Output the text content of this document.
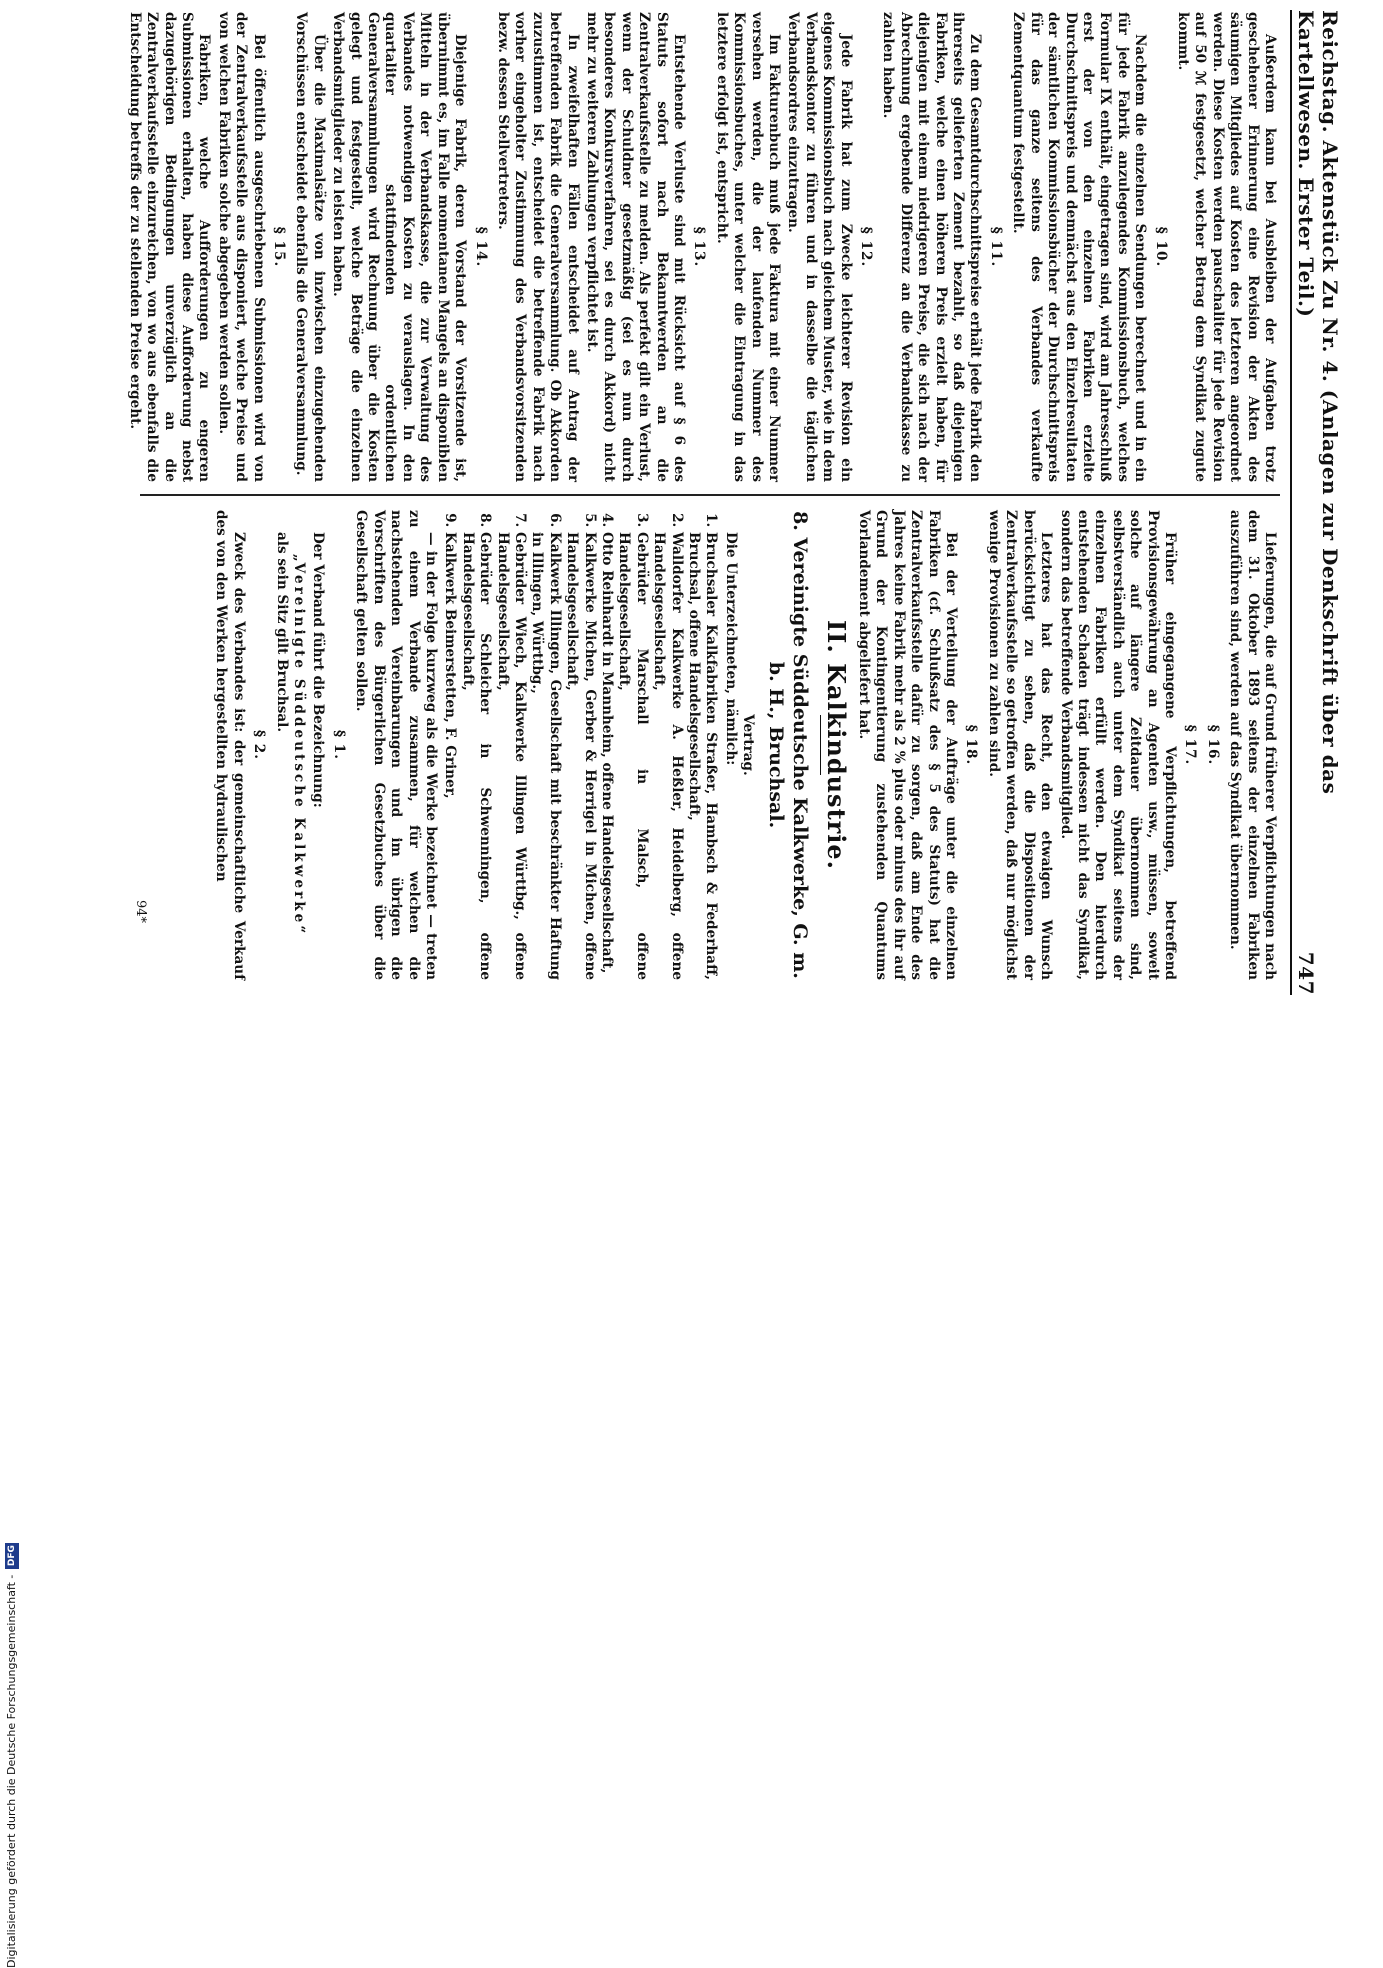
Reichstag. Aktenstück Zu Nr. 4. (Anlagen zur Denkschrift über das Kartellwesen. Erster Teil.)
747

Außerdem kann bei Ausbleiben der Aufgaben trotz geschehener Erinnerung eine Revision der Akten des säumigen Mitgliedes auf Kosten des letzteren angeordnet werden. Diese Kosten werden pauschaliter für jede Revision auf 50 ℳ festgesetzt, welcher Betrag dem Syndikat zugute kommt.

§ 10.

Nachdem die einzelnen Sendungen berechnet und in ein für jede Fabrik anzulegendes Kommissionsbuch, welches Formular IX enthält, eingetragen sind, wird am Jahresschluß erst der von den einzelnen Fabriken erzielte Durchschnittspreis und demnächst aus den Einzelresultaten der sämtlichen Kommissionsbücher der Durchschnittspreis für das ganze seitens des Verbandes verkaufte Zementquantum festgestellt.

§ 11.

Zu dem Gesamtdurchschnittspreise erhält jede Fabrik den ihrerseits gelieferten Zement bezahlt, so daß diejenigen Fabriken, welche einen höheren Preis erzielt haben, für diejenigen mit einem niedrigeren Preise, die sich nach der Abrechnung ergebende Differenz an die Verbandskasse zu zahlen haben.

§ 12.

Jede Fabrik hat zum Zwecke leichterer Revision ein eigenes Kommissionsbuch nach gleichem Muster, wie in dem Verbandskontor zu führen und in dasselbe die täglichen Verbandsordres einzutragen.

Im Fakturenbuch muß jede Faktura mit einer Nummer versehen werden, die der laufenden Nummer des Kommissionsbuches, unter welcher die Eintragung in das letztere erfolgt ist, entspricht.

§ 13.

Entstehende Verluste sind mit Rücksicht auf § 6 des Statuts sofort nach Bekanntwerden an die Zentralverkaufsstelle zu melden. Als perfekt gilt ein Verlust, wenn der Schuldner gesetzmäßig (sei es nun durch besonderes Konkursverfahren, sei es durch Akkord) nicht mehr zu weiteren Zahlungen verpflichtet ist.

In zweifelhaften Fällen entscheidet auf Antrag der betreffenden Fabrik die Generalversammlung. Ob Akkorden zuzustimmen ist, entscheidet die betreffende Fabrik nach vorher eingeholter Zustimmung des Verbandsvorsitzenden bezw. dessen Stellvertreters.

§ 14.

Diejenige Fabrik, deren Vorstand der Vorsitzende ist, übernimmt es, im Falle momentanen Mangels an disponiblen Mitteln in der Verbandskasse, die zur Verwaltung des Verbandes notwendigen Kosten zu verauslagen. In den quartaliter stattfindenden ordentlichen Generalversammlungen wird Rechnung über die Kosten gelegt und festgestellt, welche Beträge die einzelnen Verbandsmitglieder zu leisten haben.

Über die Maximalsätze von inzwischen einzugehenden Vorschüssen entscheidet ebenfalls die Generalversammlung.

§ 15.

Bei öffentlich ausgeschriebenen Submissionen wird von der Zentralverkaufsstelle aus disponiert, welche Preise und von welchen Fabriken solche abgegeben werden sollen.

Fabriken, welche Aufforderungen zu engeren Submissionen erhalten, haben diese Aufforderung nebst dazugehörigen Bedingungen unverzüglich an die Zentralverkaufsstelle einzureichen, von wo aus ebenfalls die Entscheidung betreffs der zu stellenden Preise ergeht.

Lieferungen, die auf Grund früherer Verpflichtungen nach dem 31. Oktober 1893 seitens der einzelnen Fabriken auszuführen sind, werden auf das Syndikat übernommen.

§ 16.
§ 17.

Früher eingegangene Verpflichtungen, betreffend Provisionsgewährung an Agenten usw., müssen, soweit solche auf längere Zeitdauer übernommen sind, selbstverständlich auch unter dem Syndikat seitens der einzelnen Fabriken erfüllt werden. Den hierdurch entstehenden Schaden trägt indessen nicht das Syndikat, sondern das betreffende Verbandsmitglied.

Letzteres hat das Recht, den etwaigen Wunsch berücksichtigt zu sehen, daß die Dispositionen der Zentralverkaufsstelle so getroffen werden, daß nur möglichst wenige Provisionen zu zahlen sind.

§ 18.

Bei der Verteilung der Aufträge unter die einzelnen Fabriken (cf. Schlußsatz des § 5 des Statuts) hat die Zentralverkaufsstelle dafür zu sorgen, daß am Ende des Jahres keine Fabrik mehr als 2 % plus oder minus des ihr auf Grund der Kontingentierung zustehenden Quantums Vorlandement abgeliefert hat.

II. Kalkindustrie.
8. Vereinigte Süddeutsche Kalkwerke, G. m. b. H., Bruchsal.
Vertrag.

Die Unterzeichneten, nämlich:

1. Bruchsaler Kalkfabriken Straßer, Hambsch & Federhaff, Bruchsal, offene Handelsgesellschaft,
2. Walldorfer Kalkwerke A. Heßler, Heidelberg, offene Handelsgesellschaft,
3. Gebrüder Marschall in Malsch, offene Handelsgesellschaft,
4. Otto Reinhardt in Mannheim, offene Handelsgesellschaft,
5. Kalkwerke Michen, Gerber & Herrigel in Michen, offene Handelsgesellschaft,
6. Kalkwerk Illingen, Gesellschaft mit beschränkter Haftung in Illingen, Württbg.,
7. Gebrüder Wiech, Kalkwerke Illingen Württbg., offene Handelsgesellschaft,
8. Gebrüder Schleicher in Schwenningen, offene Handelsgesellschaft,
9. Kalkwerk Beimerstetten, F. Griner,

— in der Folge kurzweg als die Werke bezeichnet — treten zu einem Verbande zusammen, für welchen die nachstehenden Vereinbarungen und im übrigen die Vorschriften des Bürgerlichen Gesetzbuches über die Gesellschaft gelten sollen.

§ 1.

Der Verband führt die Bezeichnung:

„Vereinigte Süddeutsche Kalkwerke“

als sein Sitz gilt Bruchsal.

§ 2.

Zweck des Verbandes ist: der gemeinschaftliche Verkauf des von den Werken hergestellten hydraulischen

94*
Digitalisierung gefördert durch die Deutsche Forschungsgemeinschaft -
DFG
